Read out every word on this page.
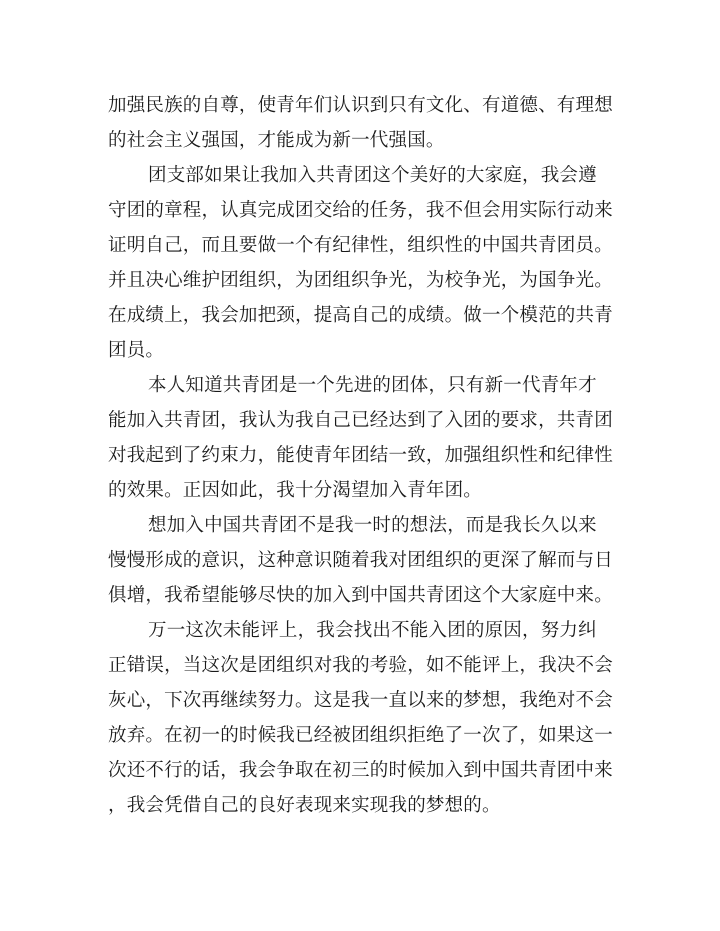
加强民族的自尊，使青年们认识到只有文化、有道德、有理想
的社会主义强国，才能成为新一代强国。
团支部如果让我加入共青团这个美好的大家庭，我会遵
守团的章程，认真完成团交给的任务，我不但会用实际行动来
证明自己，而且要做一个有纪律性，组织性的中国共青团员。
并且决心维护团组织，为团组织争光，为校争光，为国争光。
在成绩上，我会加把颈，提高自己的成绩。做一个模范的共青
团员。
本人知道共青团是一个先进的团体，只有新一代青年才
能加入共青团，我认为我自己已经达到了入团的要求，共青团
对我起到了约束力，能使青年团结一致，加强组织性和纪律性
的效果。正因如此，我十分渴望加入青年团。
想加入中国共青团不是我一时的想法，而是我长久以来
慢慢形成的意识，这种意识随着我对团组织的更深了解而与日
俱增，我希望能够尽快的加入到中国共青团这个大家庭中来。
万一这次未能评上，我会找出不能入团的原因，努力纠
正错误，当这次是团组织对我的考验，如不能评上，我决不会
灰心，下次再继续努力。这是我一直以来的梦想，我绝对不会
放弃。在初一的时候我已经被团组织拒绝了一次了，如果这一
次还不行的话，我会争取在初三的时候加入到中国共青团中来
，我会凭借自己的良好表现来实现我的梦想的。
